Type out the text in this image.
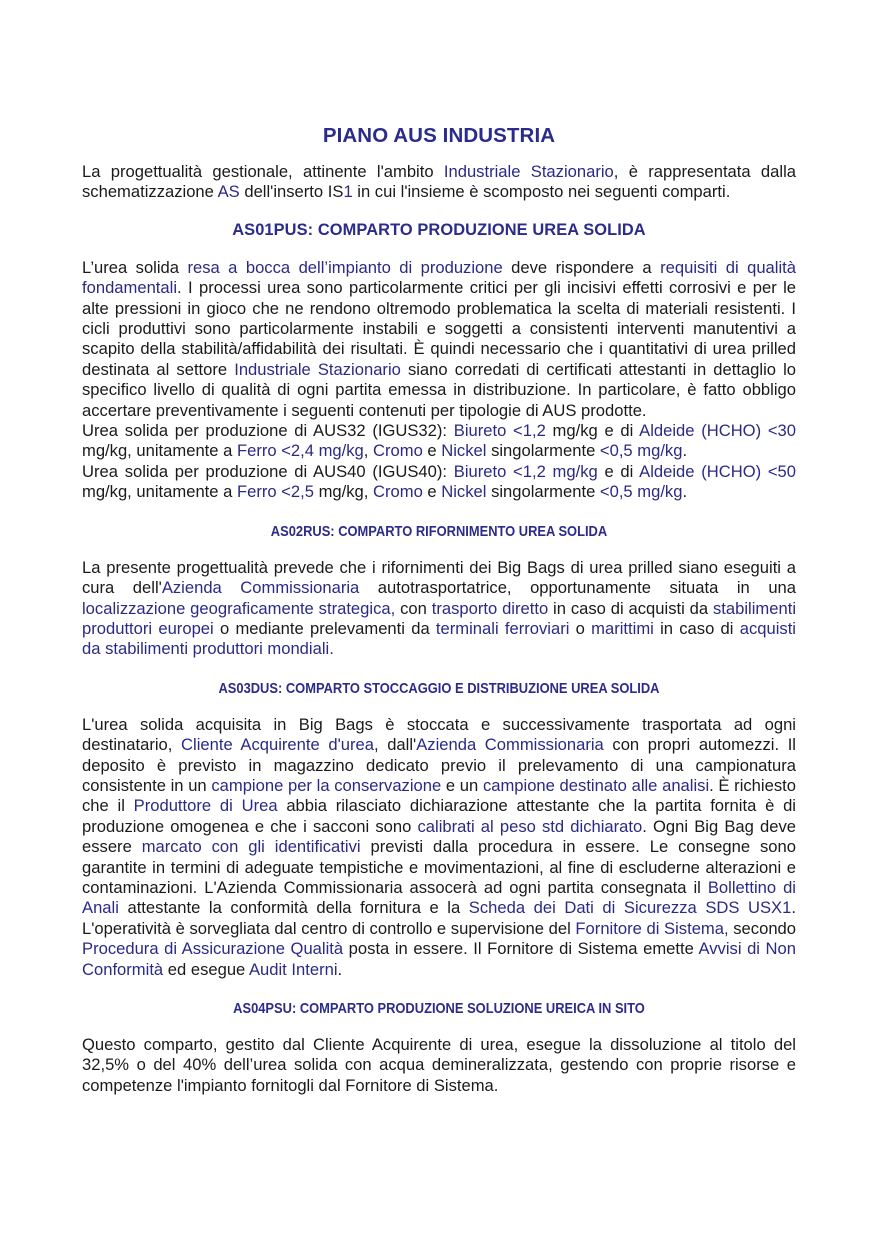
PIANO AUS INDUSTRIA

La progettualità gestionale, attinente l'ambito Industriale Stazionario, è rappresentata dalla schematizzazione AS dell'inserto IS1 in cui l'insieme è scomposto nei seguenti comparti.

AS01PUS: COMPARTO PRODUZIONE UREA SOLIDA

L’urea solida resa a bocca dell’impianto di produzione deve rispondere a requisiti di qualità fondamentali. I processi urea sono particolarmente critici per gli incisivi effetti corrosivi e per le alte pressioni in gioco che ne rendono oltremodo problematica la scelta di materiali resistenti. I cicli produttivi sono particolarmente instabili e soggetti a consistenti interventi manutentivi a scapito della stabilità/affidabilità dei risultati. È quindi necessario che i quantitativi di urea prilled destinata al settore Industriale Stazionario siano corredati di certificati attestanti in dettaglio lo specifico livello di qualità di ogni partita emessa in distribuzione. In particolare, è fatto obbligo accertare preventivamente i seguenti contenuti per tipologie di AUS prodotte.

Urea solida per produzione di AUS32 (IGUS32): Biureto <1,2 mg/kg e di Aldeide (HCHO) <30 mg/kg, unitamente a Ferro <2,4 mg/kg, Cromo e Nickel singolarmente <0,5 mg/kg.

Urea solida per produzione di AUS40 (IGUS40): Biureto <1,2 mg/kg e di Aldeide (HCHO) <50 mg/kg, unitamente a Ferro <2,5 mg/kg, Cromo e Nickel singolarmente <0,5 mg/kg.

AS02RUS: COMPARTO RIFORNIMENTO UREA SOLIDA

La presente progettualità prevede che i rifornimenti dei Big Bags di urea prilled siano eseguiti a cura dell'Azienda Commissionaria autotrasportatrice, opportunamente situata in una localizzazione geograficamente strategica, con trasporto diretto in caso di acquisti da stabilimenti produttori europei o mediante prelevamenti da terminali ferroviari o marittimi in caso di acquisti da stabilimenti produttori mondiali.

AS03DUS: COMPARTO STOCCAGGIO E DISTRIBUZIONE UREA SOLIDA

L'urea solida acquisita in Big Bags è stoccata e successivamente trasportata ad ogni destinatario, Cliente Acquirente d'urea, dall'Azienda Commissionaria con propri automezzi. Il deposito è previsto in magazzino dedicato previo il prelevamento di una campionatura consistente in un campione per la conservazione e un campione destinato alle analisi. È richiesto che il Produttore di Urea abbia rilasciato dichiarazione attestante che la partita fornita è di produzione omogenea e che i sacconi sono calibrati al peso std dichiarato. Ogni Big Bag deve essere marcato con gli identificativi previsti dalla procedura in essere. Le consegne sono garantite in termini di adeguate tempistiche e movimentazioni, al fine di escluderne alterazioni e contaminazioni. L'Azienda Commissionaria assocerà ad ogni partita consegnata il Bollettino di Anali attestante la conformità della fornitura e la Scheda dei Dati di Sicurezza SDS USX1. L'operatività è sorvegliata dal centro di controllo e supervisione del Fornitore di Sistema, secondo Procedura di Assicurazione Qualità posta in essere. Il Fornitore di Sistema emette Avvisi di Non Conformità ed esegue Audit Interni.

AS04PSU: COMPARTO PRODUZIONE SOLUZIONE UREICA IN SITO

Questo comparto, gestito dal Cliente Acquirente di urea, esegue la dissoluzione al titolo del 32,5% o del 40% dell’urea solida con acqua demineralizzata, gestendo con proprie risorse e competenze l'impianto fornitogli dal Fornitore di Sistema.
